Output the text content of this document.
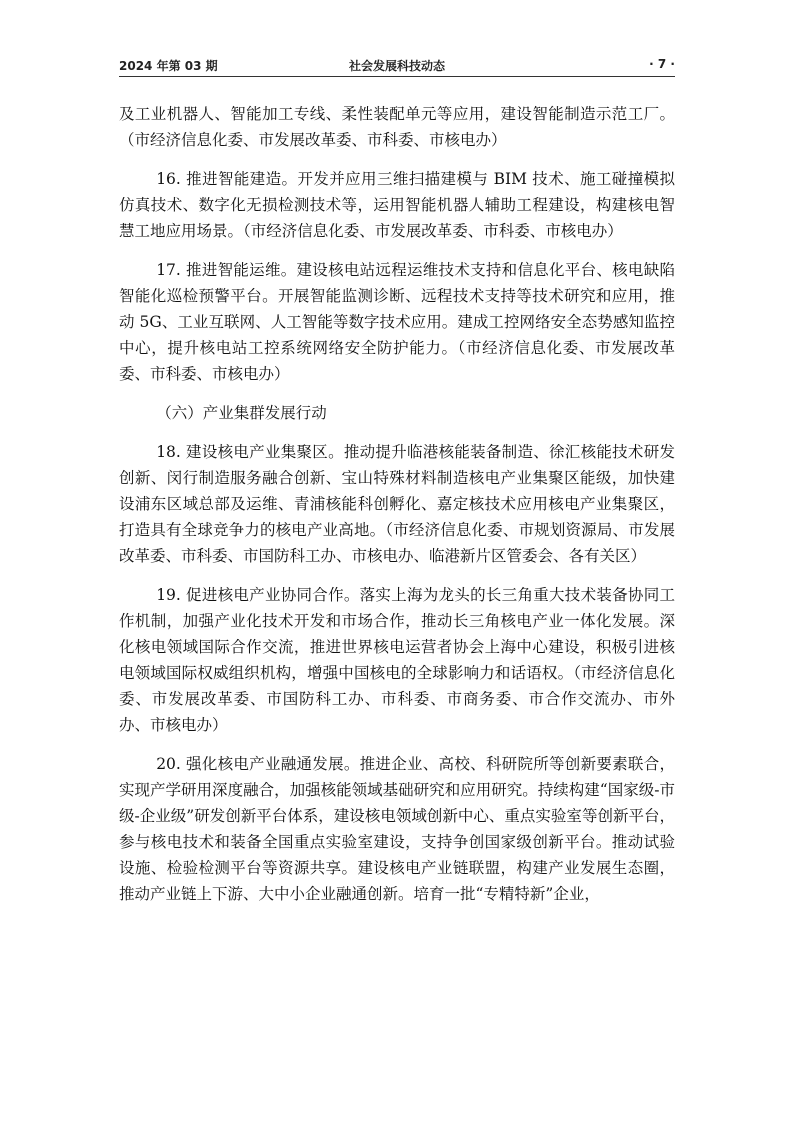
2024 年第 03 期	社会发展科技动态	· 7 ·

及工业机器人、智能加工专线、柔性装配单元等应用，建设智能制造示范工厂。（市经济信息化委、市发展改革委、市科委、市核电办）

16. 推进智能建造。开发并应用三维扫描建模与 BIM 技术、施工碰撞模拟仿真技术、数字化无损检测技术等，运用智能机器人辅助工程建设，构建核电智慧工地应用场景。（市经济信息化委、市发展改革委、市科委、市核电办）

17. 推进智能运维。建设核电站远程运维技术支持和信息化平台、核电缺陷智能化巡检预警平台。开展智能监测诊断、远程技术支持等技术研究和应用，推动 5G、工业互联网、人工智能等数字技术应用。建成工控网络安全态势感知监控中心，提升核电站工控系统网络安全防护能力。（市经济信息化委、市发展改革委、市科委、市核电办）

（六）产业集群发展行动

18. 建设核电产业集聚区。推动提升临港核能装备制造、徐汇核能技术研发创新、闵行制造服务融合创新、宝山特殊材料制造核电产业集聚区能级，加快建设浦东区域总部及运维、青浦核能科创孵化、嘉定核技术应用核电产业集聚区，打造具有全球竞争力的核电产业高地。（市经济信息化委、市规划资源局、市发展改革委、市科委、市国防科工办、市核电办、临港新片区管委会、各有关区）

19. 促进核电产业协同合作。落实上海为龙头的长三角重大技术装备协同工作机制，加强产业化技术开发和市场合作，推动长三角核电产业一体化发展。深化核电领域国际合作交流，推进世界核电运营者协会上海中心建设，积极引进核电领域国际权威组织机构，增强中国核电的全球影响力和话语权。（市经济信息化委、市发展改革委、市国防科工办、市科委、市商务委、市合作交流办、市外办、市核电办）

20. 强化核电产业融通发展。推进企业、高校、科研院所等创新要素联合，实现产学研用深度融合，加强核能领域基础研究和应用研究。持续构建“国家级-市级-企业级”研发创新平台体系，建设核电领域创新中心、重点实验室等创新平台，参与核电技术和装备全国重点实验室建设，支持争创国家级创新平台。推动试验设施、检验检测平台等资源共享。建设核电产业链联盟，构建产业发展生态圈，推动产业链上下游、大中小企业融通创新。培育一批“专精特新”企业，
